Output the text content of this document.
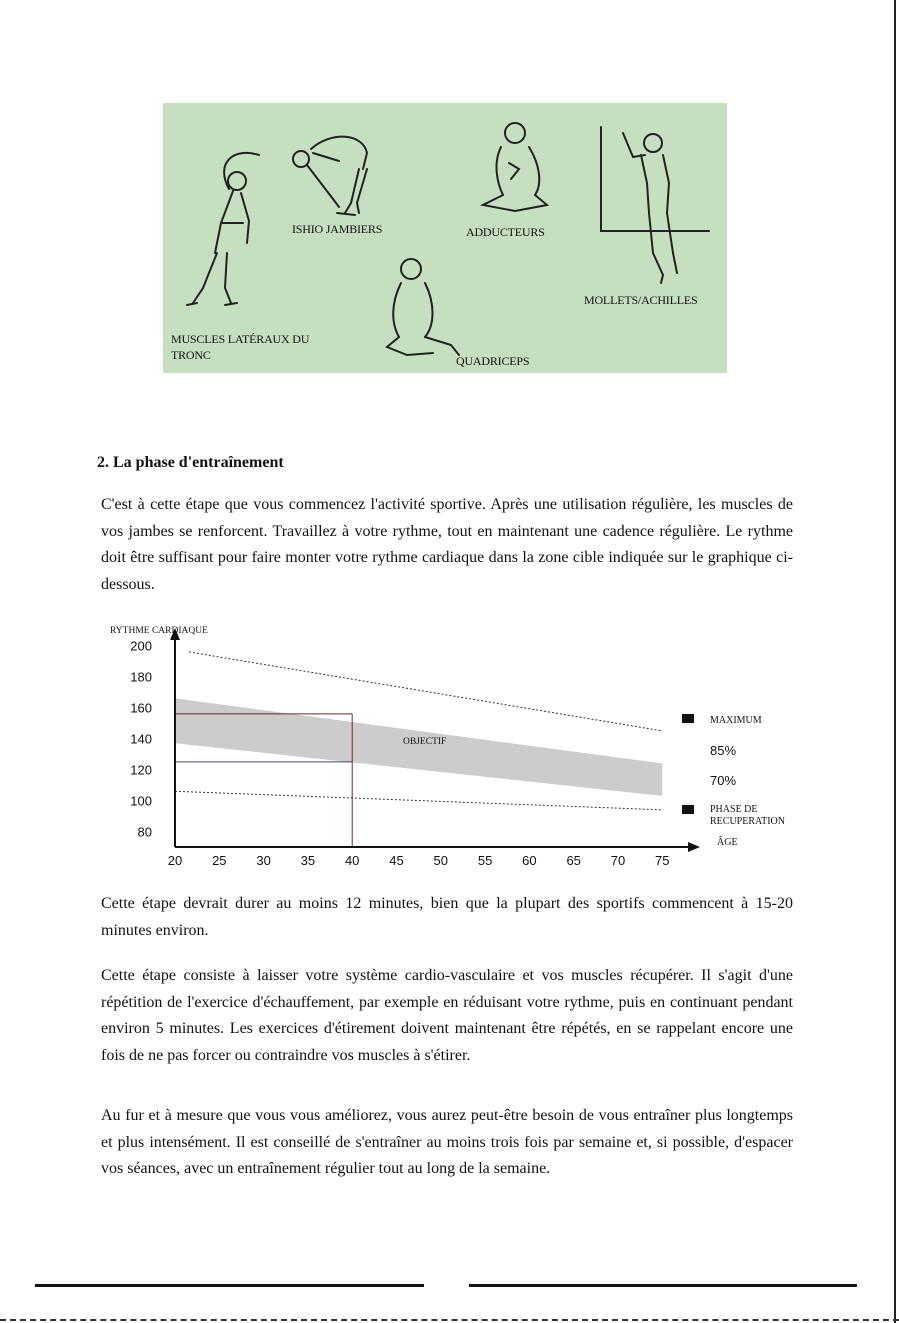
MUSCLES LATÉRAUX DU
TRONC
ISHIO JAMBIERS
QUADRICEPS
ADDUCTEURS
MOLLETS/ACHILLES
2. La phase d'entraînement

C'est à cette étape que vous commencez l'activité sportive. Après une utilisation régulière, les muscles de vos jambes se renforcent. Travaillez à votre rythme, tout en maintenant une cadence régulière. Le rythme doit être suffisant pour faire monter votre rythme cardiaque dans la zone cible indiquée sur le graphique ci-dessous.

200
180
160
140
120
100
80
20 25 30 35 40 45 50 55 60 65 70 75
RYTHME CARDIAQUE
ÂGE
OBJECTIF
MAXIMUM
85%
70%
PHASE DE
RECUPERATION

Cette étape devrait durer au moins 12 minutes, bien que la plupart des sportifs commencent à 15-20 minutes environ.

Cette étape consiste à laisser votre système cardio-vasculaire et vos muscles récupérer. Il s'agit d'une répétition de l'exercice d'échauffement, par exemple en réduisant votre rythme, puis en continuant pendant environ 5 minutes. Les exercices d'étirement doivent maintenant être répétés, en se rappelant encore une fois de ne pas forcer ou contraindre vos muscles à s'étirer.

Au fur et à mesure que vous vous améliorez, vous aurez peut-être besoin de vous entraîner plus longtemps et plus intensément. Il est conseillé de s'entraîner au moins trois fois par semaine et, si possible, d'espacer vos séances, avec un entraînement régulier tout au long de la semaine.
